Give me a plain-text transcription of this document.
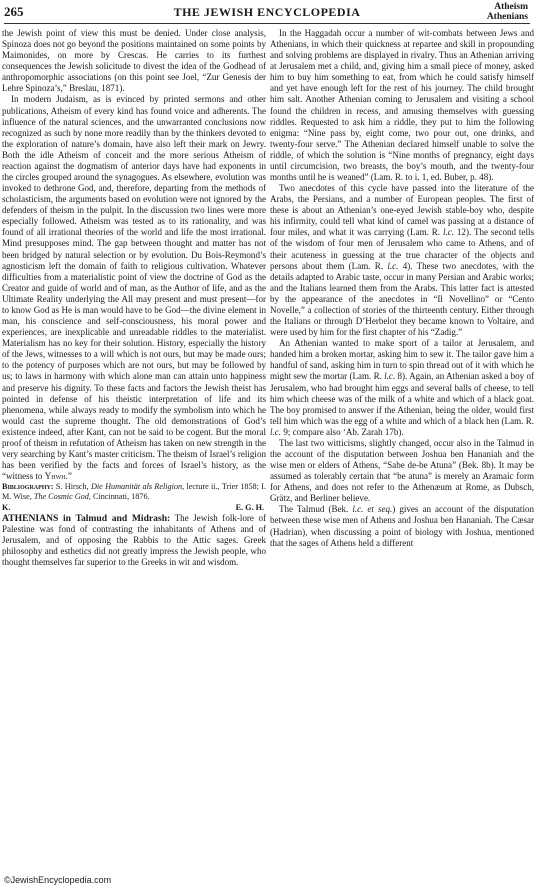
265	THE JEWISH ENCYCLOPEDIA	Atheism
Athenians

the Jewish point of view this must be denied. Under close analysis, Spinoza does not go beyond the positions maintained on some points by Maimonides, on more by Crescas. He carries to its furthest consequences the Jewish solicitude to divest the idea of the Godhead of anthropomorphic associations (on this point see Joel, “Zur Genesis der Lehre Spinoza’s,” Breslau, 1871).

In modern Judaism, as is evinced by printed sermons and other publications, Atheism of every kind has found voice and adherents. The influence of the natural sciences, and the unwarranted conclusions now recognized as such by none more readily than by the thinkers devoted to the exploration of nature’s domain, have also left their mark on Jewry. Both the idle Atheism of conceit and the more serious Atheism of reaction against the dogmatism of anterior days have had exponents in the circles grouped around the synagogues. As elsewhere, evolution was invoked to dethrone God, and, therefore, departing from the methods of scholasticism, the arguments based on evolution were not ignored by the defenders of theism in the pulpit. In the discussion two lines were more especially followed. Atheism was tested as to its rationality, and was found of all irrational theories of the world and life the most irrational. Mind presupposes mind. The gap between thought and matter has not been bridged by natural selection or by evolution. Du Bois-Reymond’s agnosticism left the domain of faith to religious cultivation. Whatever difficulties from a materialistic point of view the doctrine of God as the Creator and guide of world and of man, as the Author of life, and as the Ultimate Reality underlying the All may present and must present—for to know God as He is man would have to be God—the divine element in man, his conscience and self-consciousness, his moral power and experiences, are inexplicable and unreadable riddles to the materialist. Materialism has no key for their solution. History, especially the history of the Jews, witnesses to a will which is not ours, but may be made ours; to the potency of purposes which are not ours, but may be followed by us; to laws in harmony with which alone man can attain unto happiness and preserve his dignity. To these facts and factors the Jewish theist has pointed in defense of his theistic interpretation of life and its phenomena, while always ready to modify the symbolism into which he would cast the supreme thought. The old demonstrations of God’s existence indeed, after Kant, can not be said to be cogent. But the moral proof of theism in refutation of Atheism has taken on new strength in the very searching by Kant’s master criticism. The theism of Israel’s religion has been verified by the facts and forces of Israel’s history, as the “witness to Yhwh.”

Bibliography: S. Hirsch, Die Humanität als Religion, lecture ii., Trier 1858; I. M. Wise, The Cosmic God, Cincinnati, 1876.

K.	E. G. H.

ATHENIANS in Talmud and Midrash: The Jewish folk-lore of Palestine was fond of contrasting the inhabitants of Athens and of Jerusalem, and of opposing the Rabbis to the Attic sages. Greek philosophy and esthetics did not greatly impress the Jewish people, who thought themselves far superior to the Greeks in wit and wisdom.

In the Haggadah occur a number of wit-combats between Jews and Athenians, in which their quickness at repartee and skill in propounding and solving problems are displayed in rivalry. Thus an Athenian arriving at Jerusalem met a child, and, giving him a small piece of money, asked him to buy him something to eat, from which he could satisfy himself and yet have enough left for the rest of his journey. The child brought him salt. Another Athenian coming to Jerusalem and visiting a school found the children in recess, and amusing themselves with guessing riddles. Requested to ask him a riddle, they put to him the following enigma: “Nine pass by, eight come, two pour out, one drinks, and twenty-four serve.” The Athenian declared himself unable to solve the riddle, of which the solution is “Nine months of pregnancy, eight days until circumcision, two breasts, the boy’s mouth, and the twenty-four months until he is weaned” (Lam. R. to i. 1, ed. Buber, p. 48).

Two anecdotes of this cycle have passed into the literature of the Arabs, the Persians, and a number of European peoples. The first of these is about an Athenian’s one-eyed Jewish stable-boy who, despite his infirmity, could tell what kind of camel was passing at a distance of four miles, and what it was carrying (Lam. R. l.c. 12). The second tells of the wisdom of four men of Jerusalem who came to Athens, and of their acuteness in guessing at the true character of the objects and persons about them (Lam. R. l.c. 4). These two anecdotes, with the details adapted to Arabic taste, occur in many Persian and Arabic works; and the Italians learned them from the Arabs. This latter fact is attested by the appearance of the anecdotes in “Il Novellino” or “Cento Novelle,” a collection of stories of the thirteenth century. Either through the Italians or through D’Herbelot they became known to Voltaire, and were used by him for the first chapter of his “Zadig.”

An Athenian wanted to make sport of a tailor at Jerusalem, and handed him a broken mortar, asking him to sew it. The tailor gave him a handful of sand, asking him in turn to spin thread out of it with which he might sew the mortar (Lam. R. l.c. 8). Again, an Athenian asked a boy of Jerusalem, who had brought him eggs and several balls of cheese, to tell him which cheese was of the milk of a white and which of a black goat. The boy promised to answer if the Athenian, being the older, would first tell him which was the egg of a white and which of a black hen (Lam. R. l.c. 9; compare also ‘Ab. Zarah 17b).

The last two witticisms, slightly changed, occur also in the Talmud in the account of the disputation between Joshua ben Hananiah and the wise men or elders of Athens, “Sabe de-be Atuna” (Bek. 8b). It may be assumed as tolerably certain that “be atuna” is merely an Aramaic form for Athens, and does not refer to the Athenæum at Rome, as Dubsch, Grätz, and Berliner believe.

The Talmud (Bek. l.c. et seq.) gives an account of the disputation between these wise men of Athens and Joshua ben Hananiah. The Cæsar (Hadrian), when discussing a point of biology with Joshua, mentioned that the sages of Athens held a different

©JewishEncyclopedia.com
